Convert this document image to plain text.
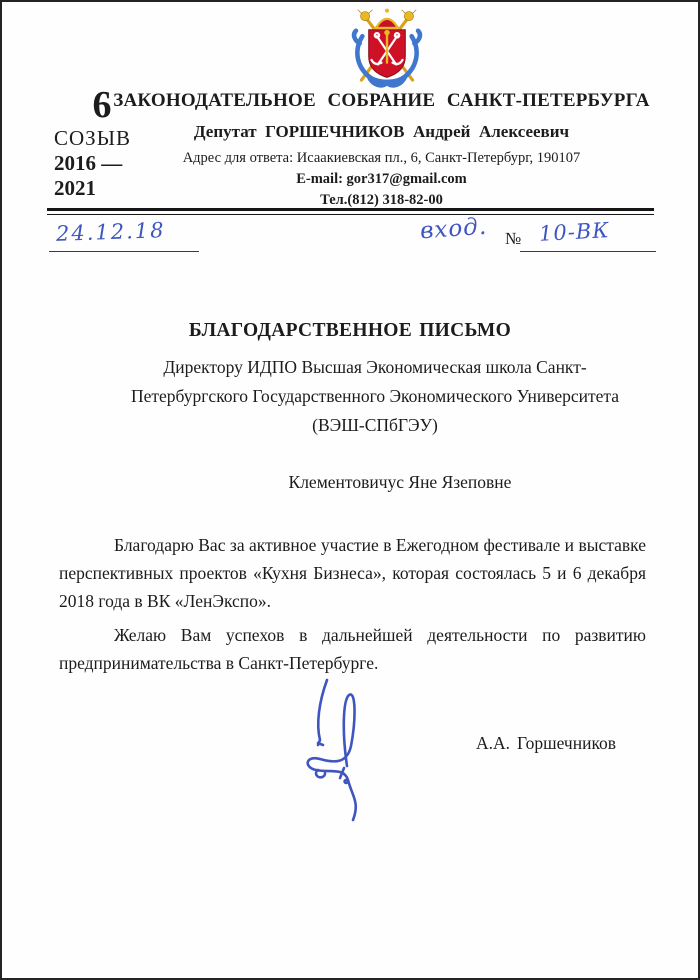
6
СОЗЫВ
2016 —
2021
ЗАКОНОДАТЕЛЬНОЕ СОБРАНИЕ САНКТ-ПЕТЕРБУРГА
Депутат ГОРШЕЧНИКОВ Андрей Алексеевич
Адрес для ответа: Исаакиевская пл., 6, Санкт-Петербург, 190107
E-mail: gor317@gmail.com
Тел.(812) 318-82-00
24.12.18	вход. № 10-ВК
БЛАГОДАРСТВЕННОЕ ПИСЬМО
Директору ИДПО Высшая Экономическая школа Санкт-
Петербургского Государственного Экономического Университета
(ВЭШ-СПбГЭУ)
Клементовичус Яне Язеповне

Благодарю Вас за активное участие в Ежегодном фестивале и выставке перспективных проектов «Кухня Бизнеса», которая состоялась 5 и 6 декабря 2018 года в ВК «ЛенЭкспо».

Желаю Вам успехов в дальнейшей деятельности по развитию предпринимательства в Санкт-Петербурге.

А.А. Горшечников
